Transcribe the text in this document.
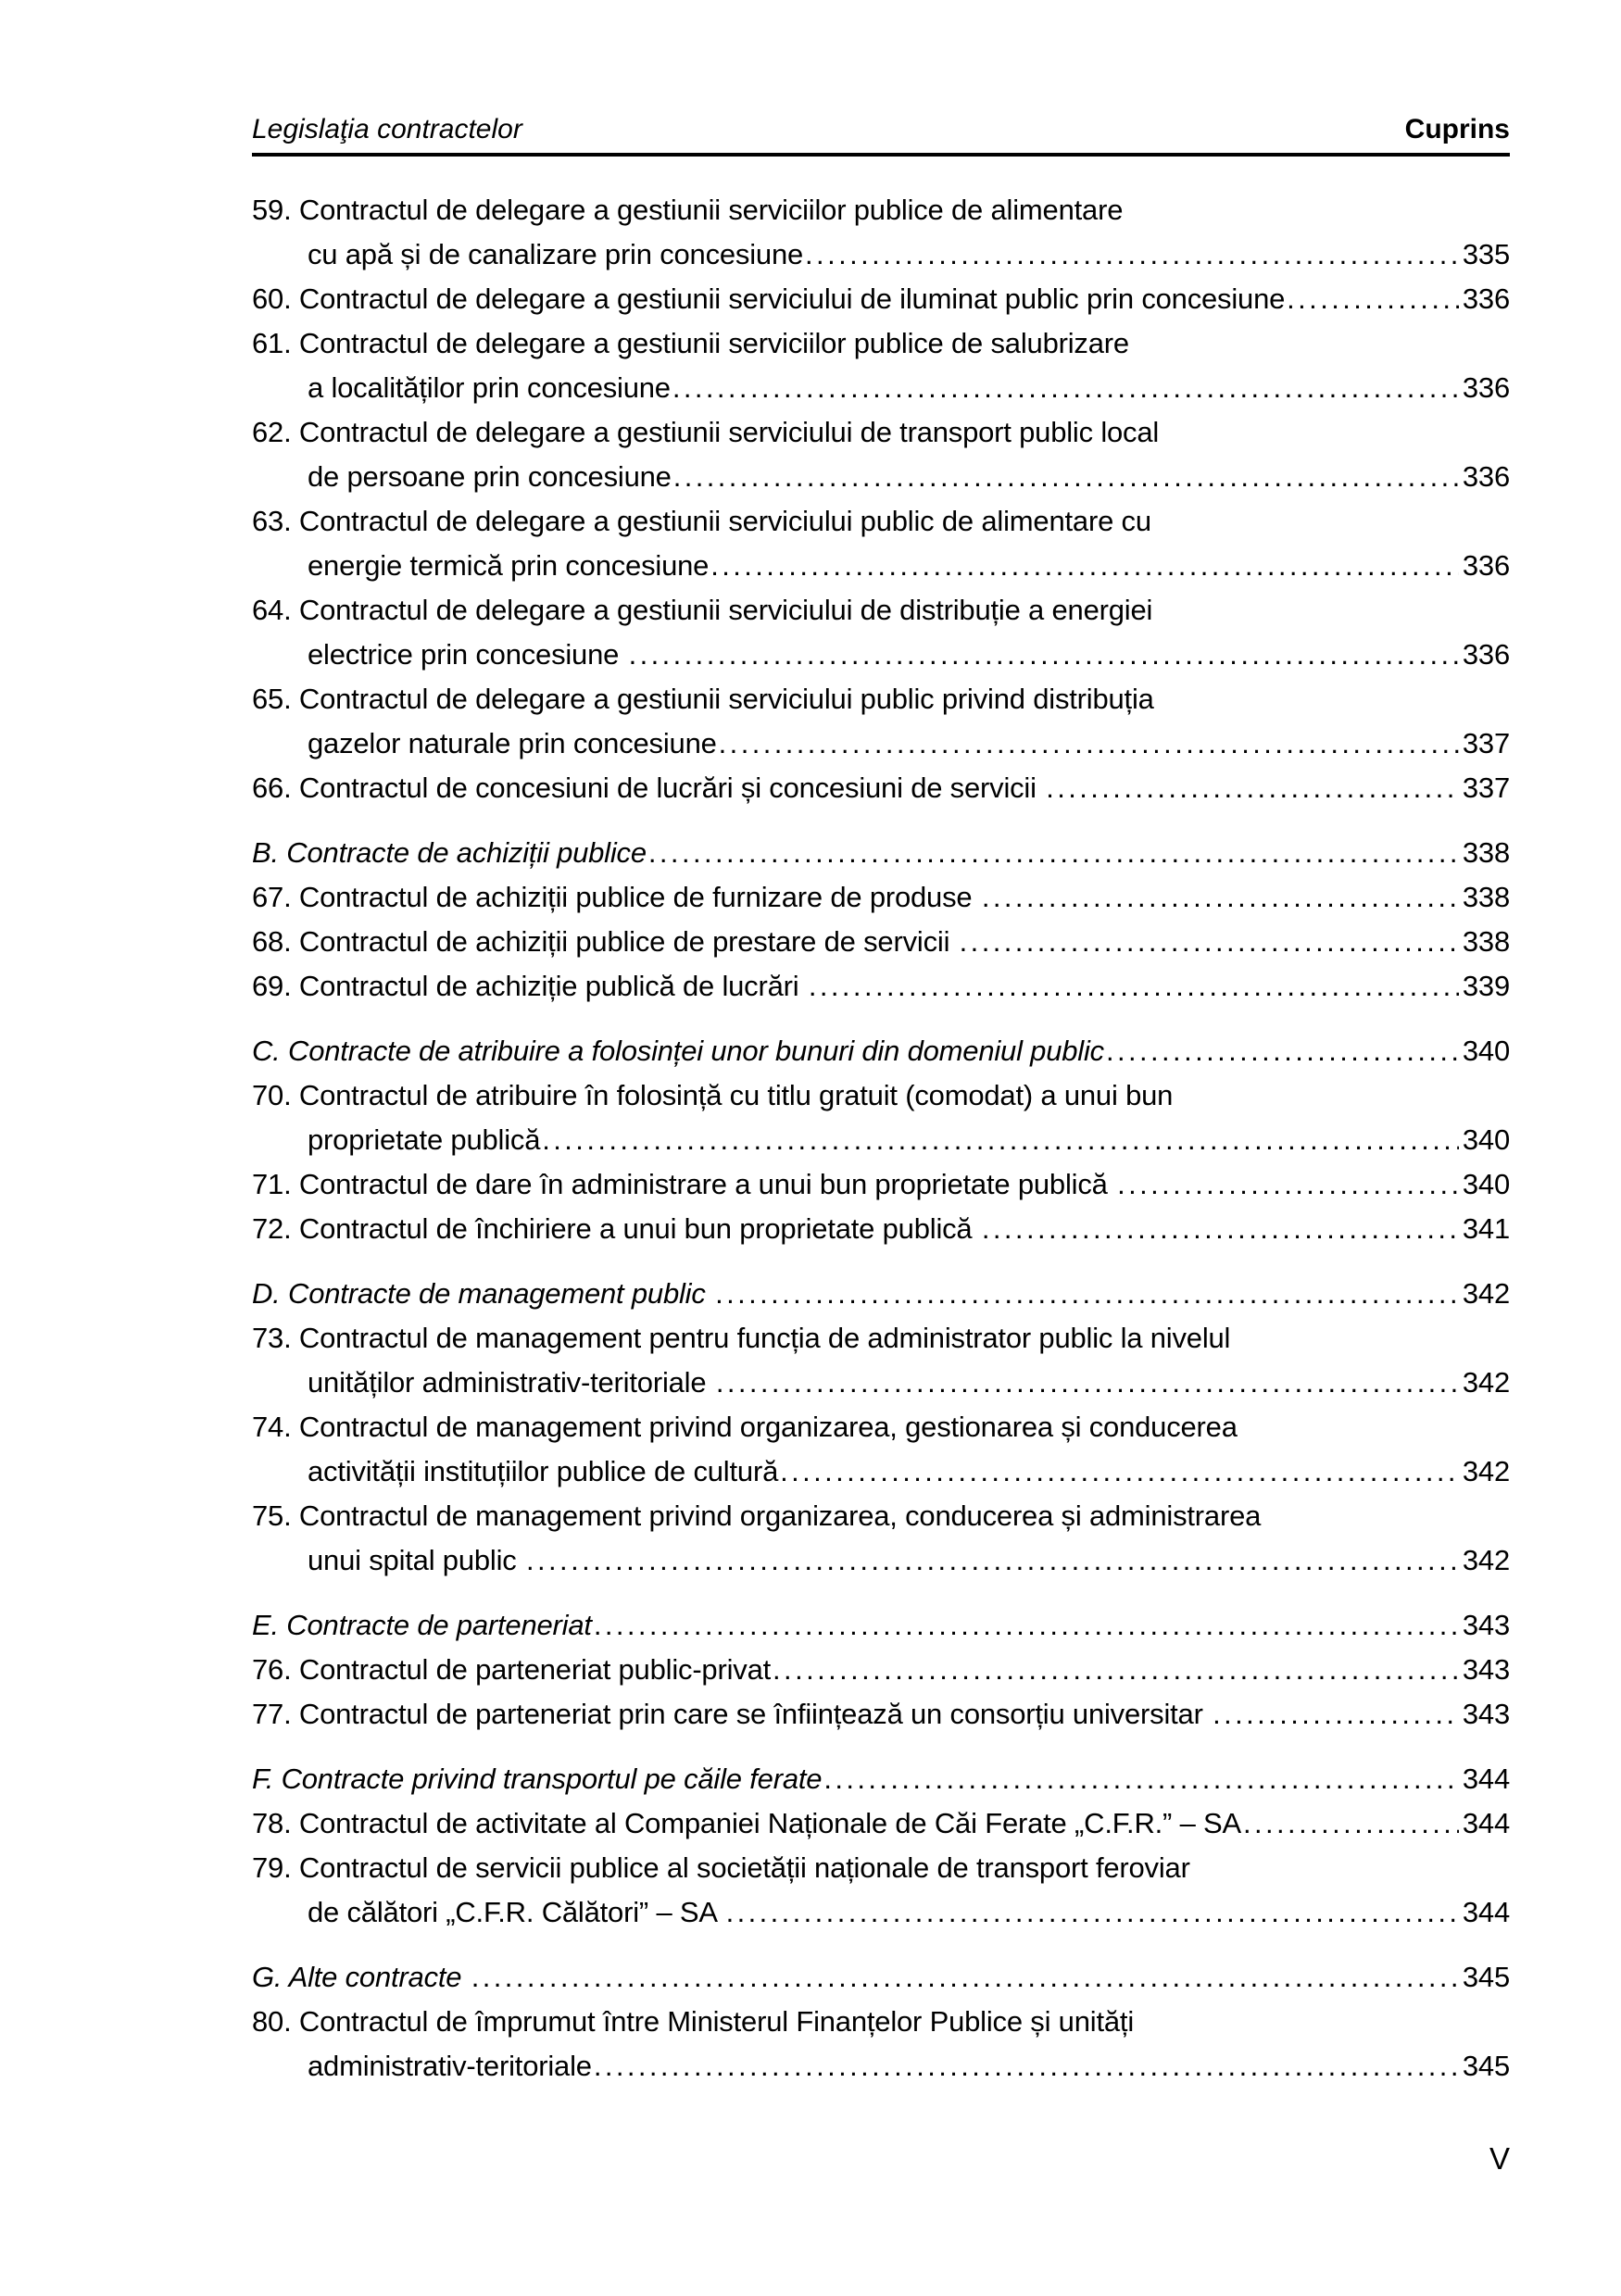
Legislaţia contractelor	Cuprins
59. Contractul de delegare a gestiunii serviciilor publice de alimentare
cu apă și de canalizare prin concesiune .....	335
60. Contractul de delegare a gestiunii serviciului de iluminat public prin concesiune .....	336
61. Contractul de delegare a gestiunii serviciilor publice de salubrizare
a localităților prin concesiune .....	336
62. Contractul de delegare a gestiunii serviciului de transport public local
de persoane prin concesiune .....	336
63. Contractul de delegare a gestiunii serviciului public de alimentare cu
energie termică prin concesiune .....	336
64. Contractul de delegare a gestiunii serviciului de distribuție a energiei
electrice prin concesiune .....	336
65. Contractul de delegare a gestiunii serviciului public privind distribuția
gazelor naturale prin concesiune .....	337
66. Contractul de concesiuni de lucrări și concesiuni de servicii .....	337
B. Contracte de achiziții publice .....	338
67. Contractul de achiziții publice de furnizare de produse .....	338
68. Contractul de achiziții publice de prestare de servicii .....	338
69. Contractul de achiziție publică de lucrări .....	339
C. Contracte de atribuire a folosinței unor bunuri din domeniul public .....	340
70. Contractul de atribuire în folosință cu titlu gratuit (comodat) a unui bun
proprietate publică .....	340
71. Contractul de dare în administrare a unui bun proprietate publică .....	340
72. Contractul de închiriere a unui bun proprietate publică .....	341
D. Contracte de management public .....	342
73. Contractul de management pentru funcția de administrator public la nivelul
unităților administrativ-teritoriale .....	342
74. Contractul de management privind organizarea, gestionarea și conducerea
activității instituțiilor publice de cultură .....	342
75. Contractul de management privind organizarea, conducerea și administrarea
unui spital public .....	342
E. Contracte de parteneriat .....	343
76. Contractul de parteneriat public-privat .....	343
77. Contractul de parteneriat prin care se înființează un consorțiu universitar .....	343
F. Contracte privind transportul pe căile ferate .....	344
78. Contractul de activitate al Companiei Naționale de Căi Ferate „C.F.R.” – SA .....	344
79. Contractul de servicii publice al societății naționale de transport feroviar
de călători „C.F.R. Călători” – SA .....	344
G. Alte contracte .....	345
80. Contractul de împrumut între Ministerul Finanțelor Publice și unități
administrativ-teritoriale .....	345
V
